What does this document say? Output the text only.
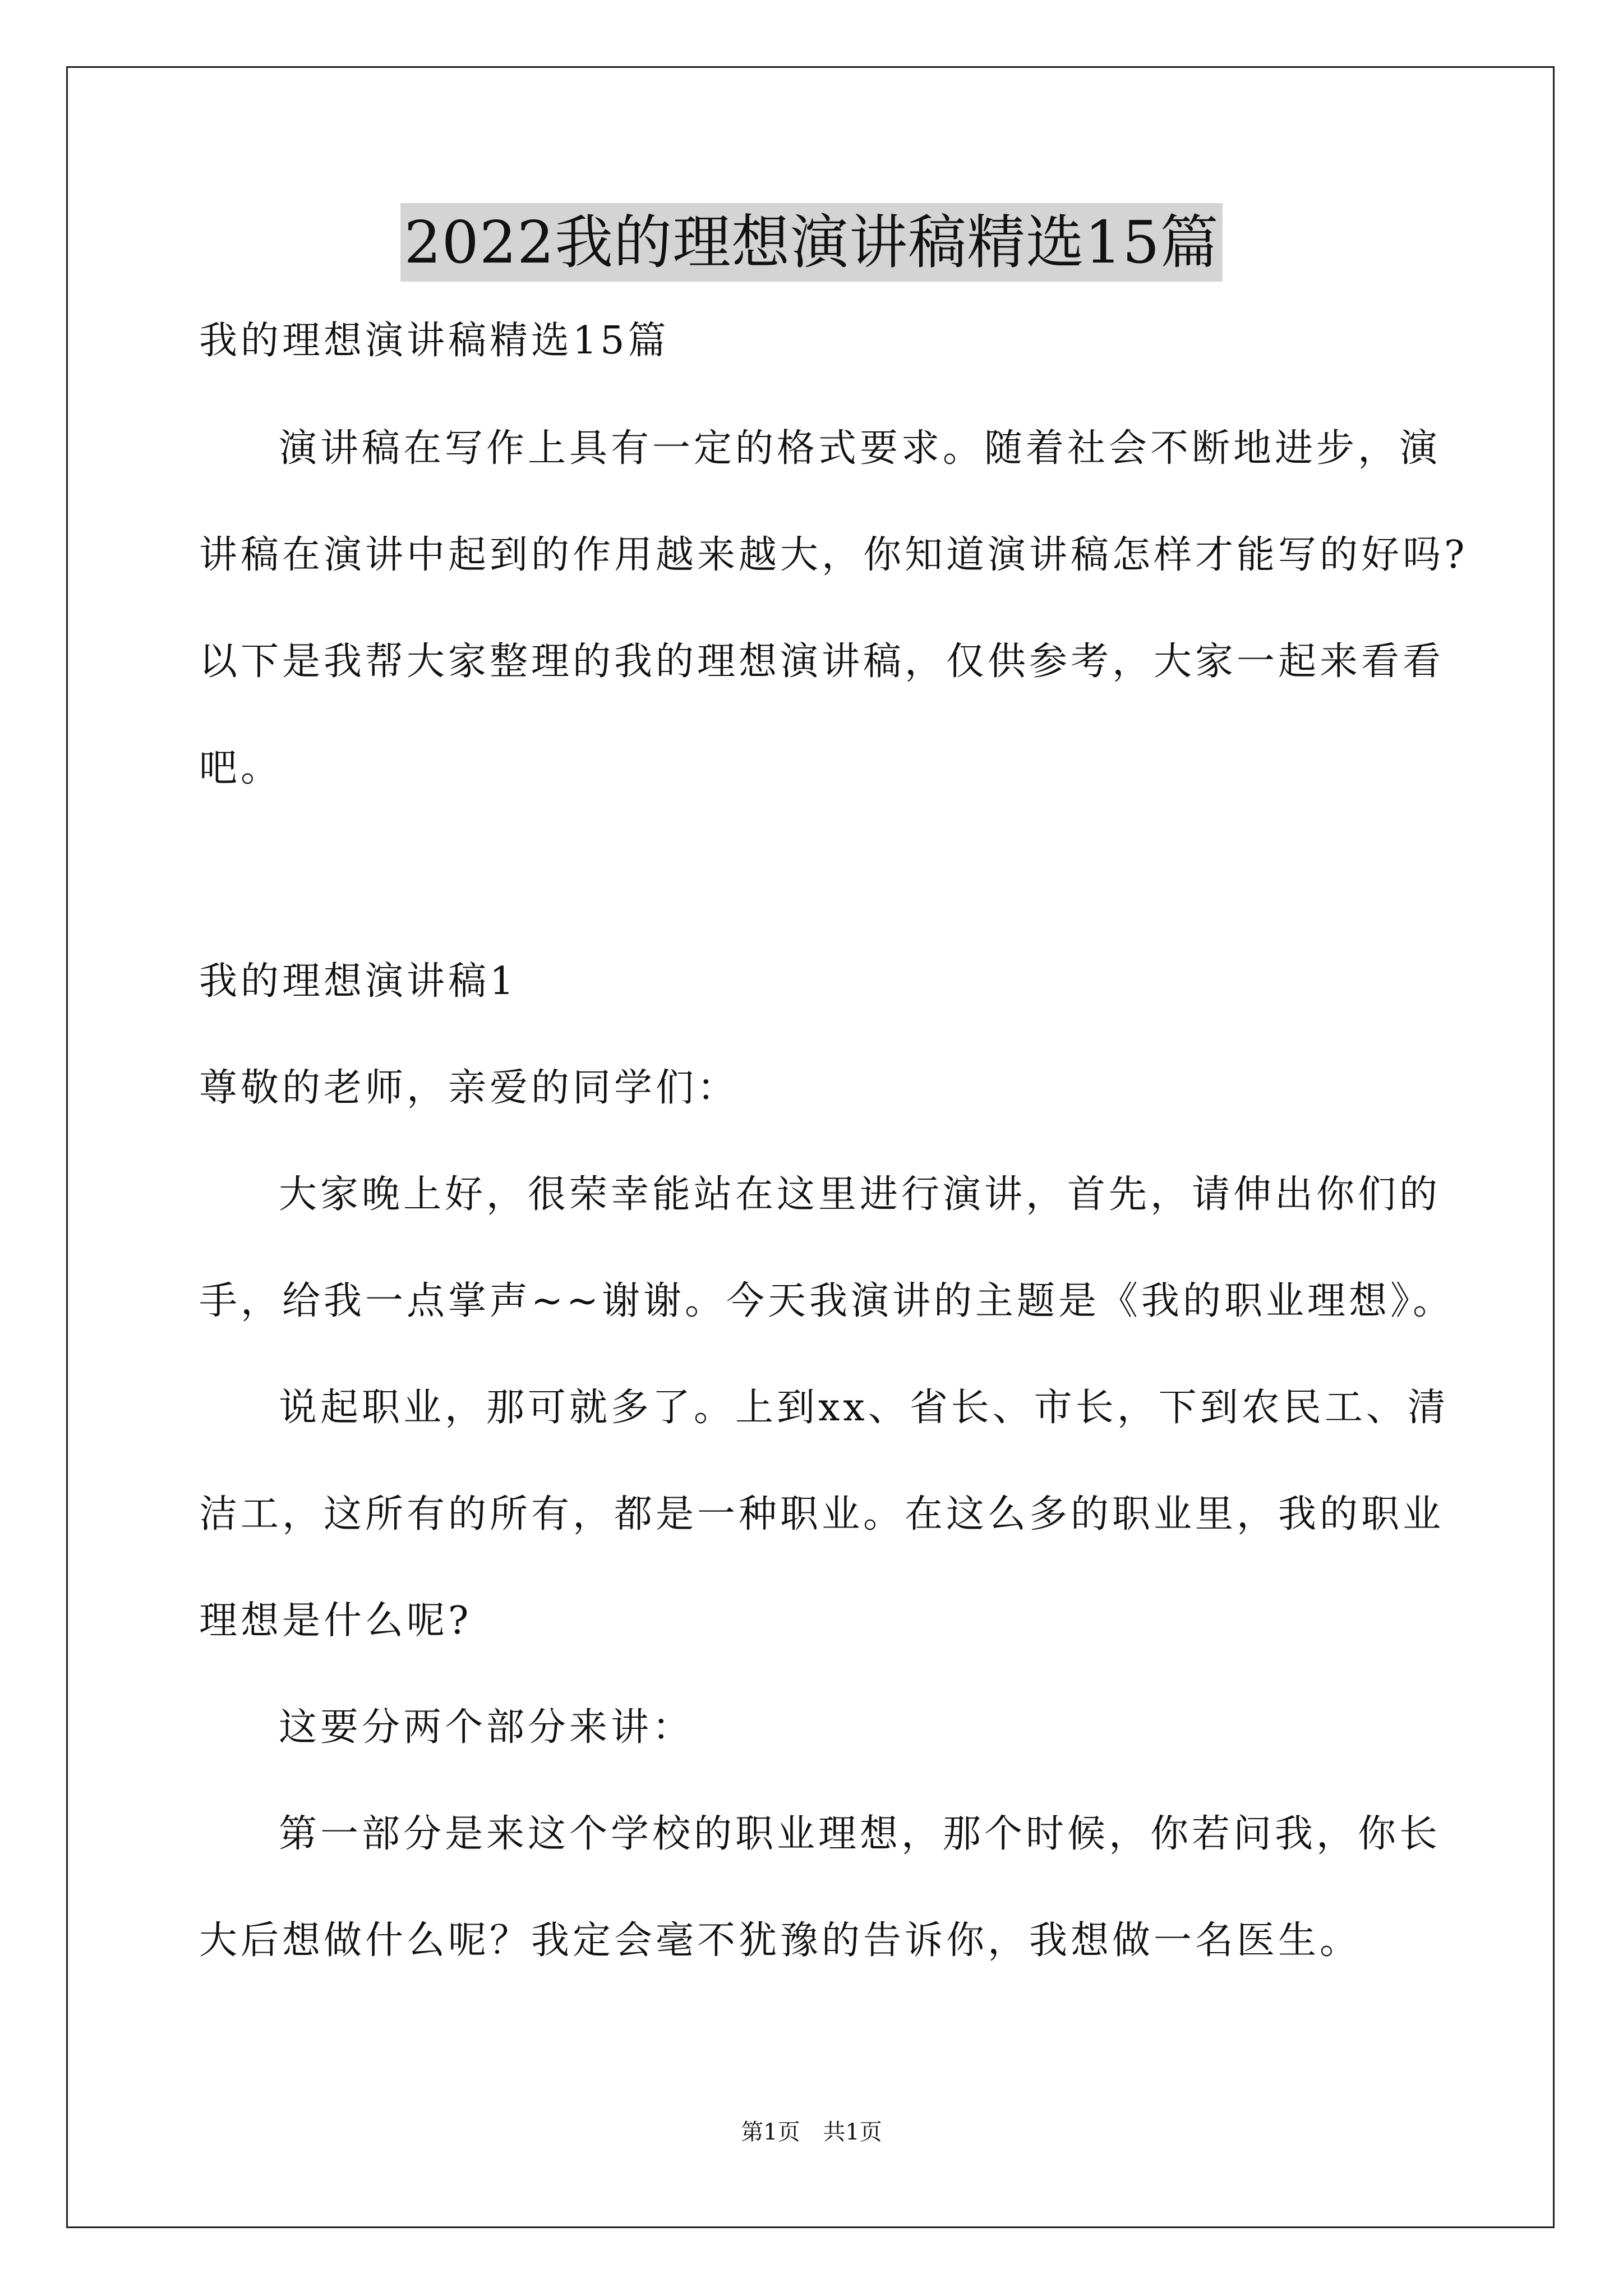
2022我的理想演讲稿精选15篇
我的理想演讲稿精选15篇
演讲稿在写作上具有一定的格式要求。随着社会不断地进步，演
讲稿在演讲中起到的作用越来越大，你知道演讲稿怎样才能写的好吗?
以下是我帮大家整理的我的理想演讲稿，仅供参考，大家一起来看看
吧。
我的理想演讲稿1
尊敬的老师，亲爱的同学们：
大家晚上好，很荣幸能站在这里进行演讲，首先，请伸出你们的
手，给我一点掌声~~谢谢。今天我演讲的主题是《我的职业理想》。
说起职业，那可就多了。上到xx、省长、市长，下到农民工、清
洁工，这所有的所有，都是一种职业。在这么多的职业里，我的职业
理想是什么呢?
这要分两个部分来讲：
第一部分是来这个学校的职业理想，那个时候，你若问我，你长
大后想做什么呢？我定会毫不犹豫的告诉你，我想做一名医生。
第1页 共1页
